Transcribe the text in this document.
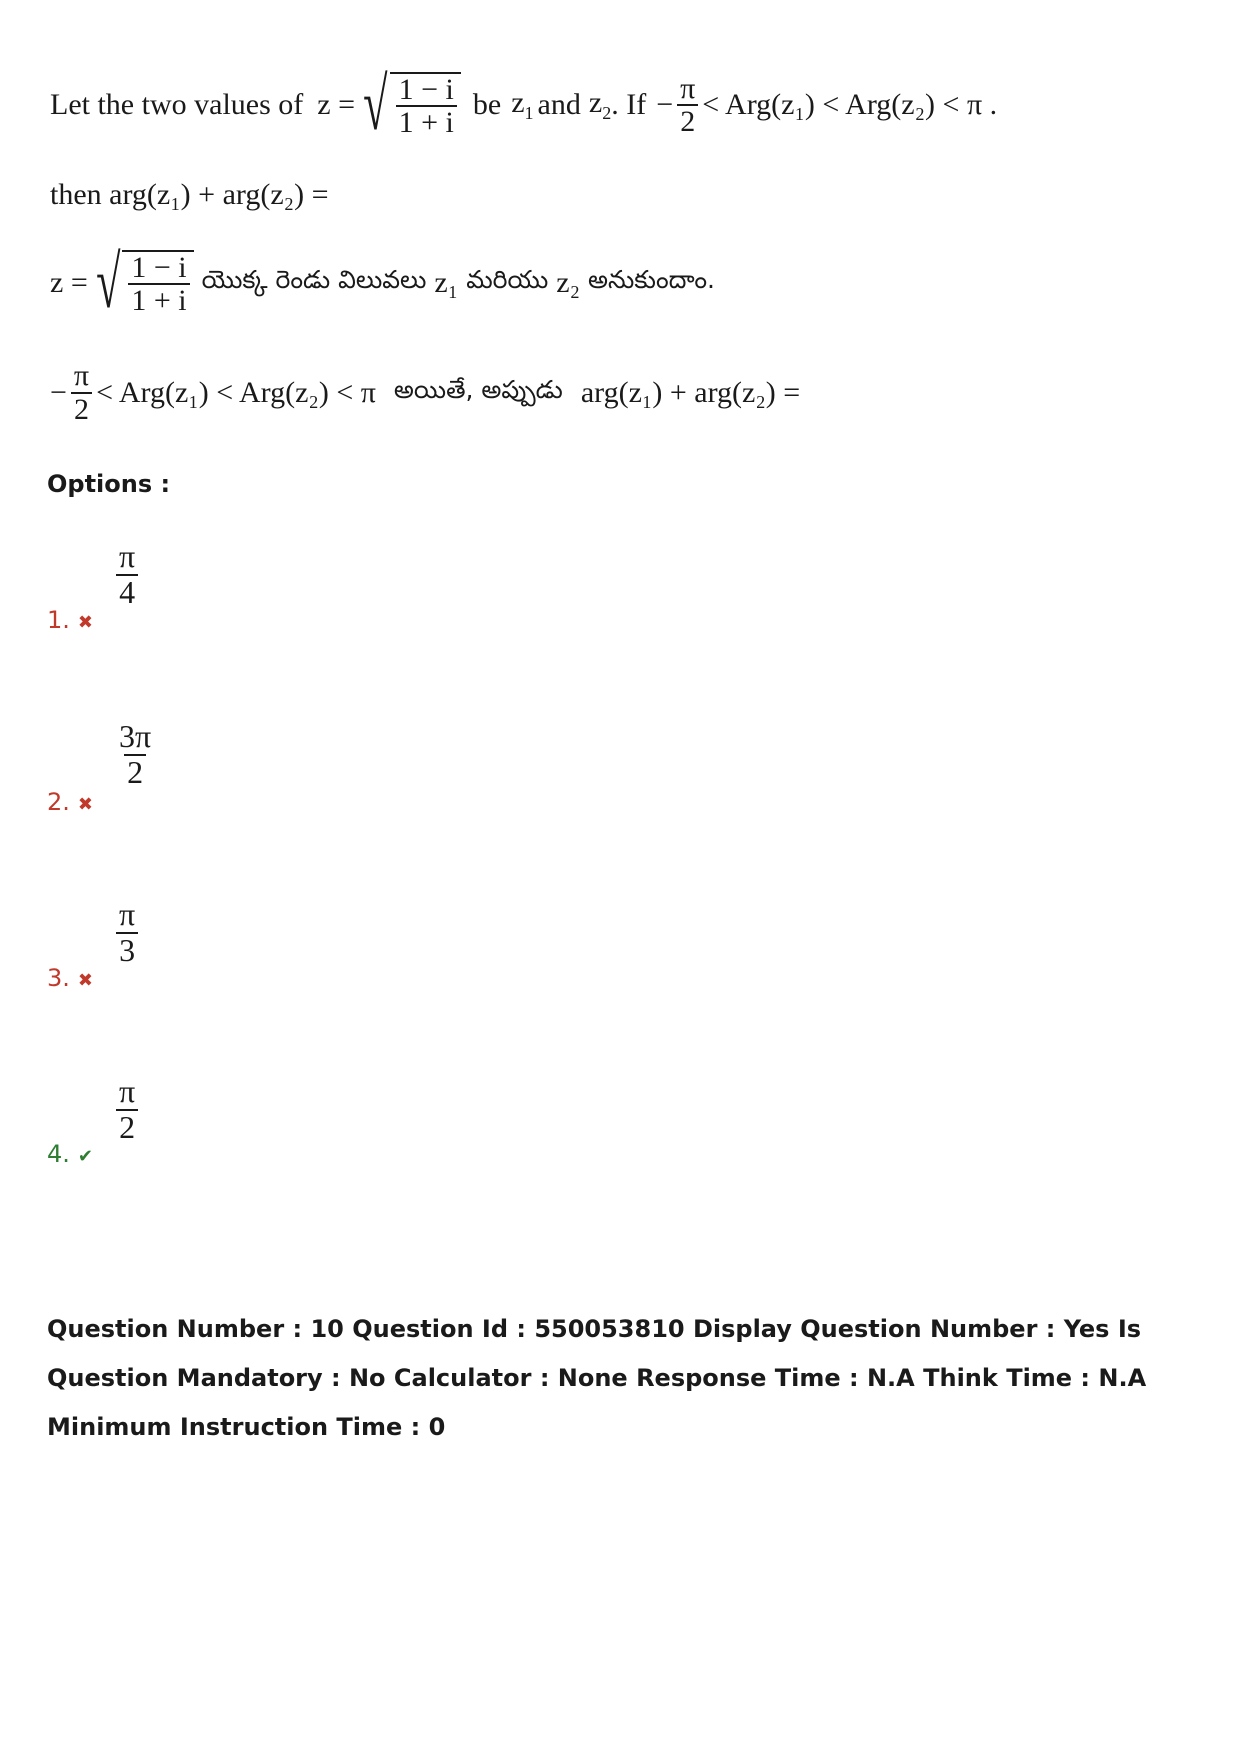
Let the two values of z = √ $\frac{1 - i}{1 + i}$ be $z_1$ and $z_2$ . $If - \frac{\pi}{2} < Arg(z_1) < Arg(z_2) < \pi$ .
then arg(z₁) + arg(z₂) =
z = √ $\frac{1 - i}{1 + i}$ యొక్క రెండు విలువలు z₁ మరియు z₂ అనుకుందాం.
− $\frac{\pi}{2} < Arg(z_1) < Arg(z_2) < \pi$ అయితే, అప్పుడు arg(z₁) + arg(z₂) =
Options :
$\frac{\pi}{4}$
1. ✖
$\frac{3\pi}{2}$
2. ✖
$\frac{\pi}{3}$
3. ✖
$\frac{\pi}{2}$
4. ✔
Question Number : 10 Question Id : 550053810 Display Question Number : Yes Is Question Mandatory : No Calculator : None Response Time : N.A Think Time : N.A Minimum Instruction Time : 0
